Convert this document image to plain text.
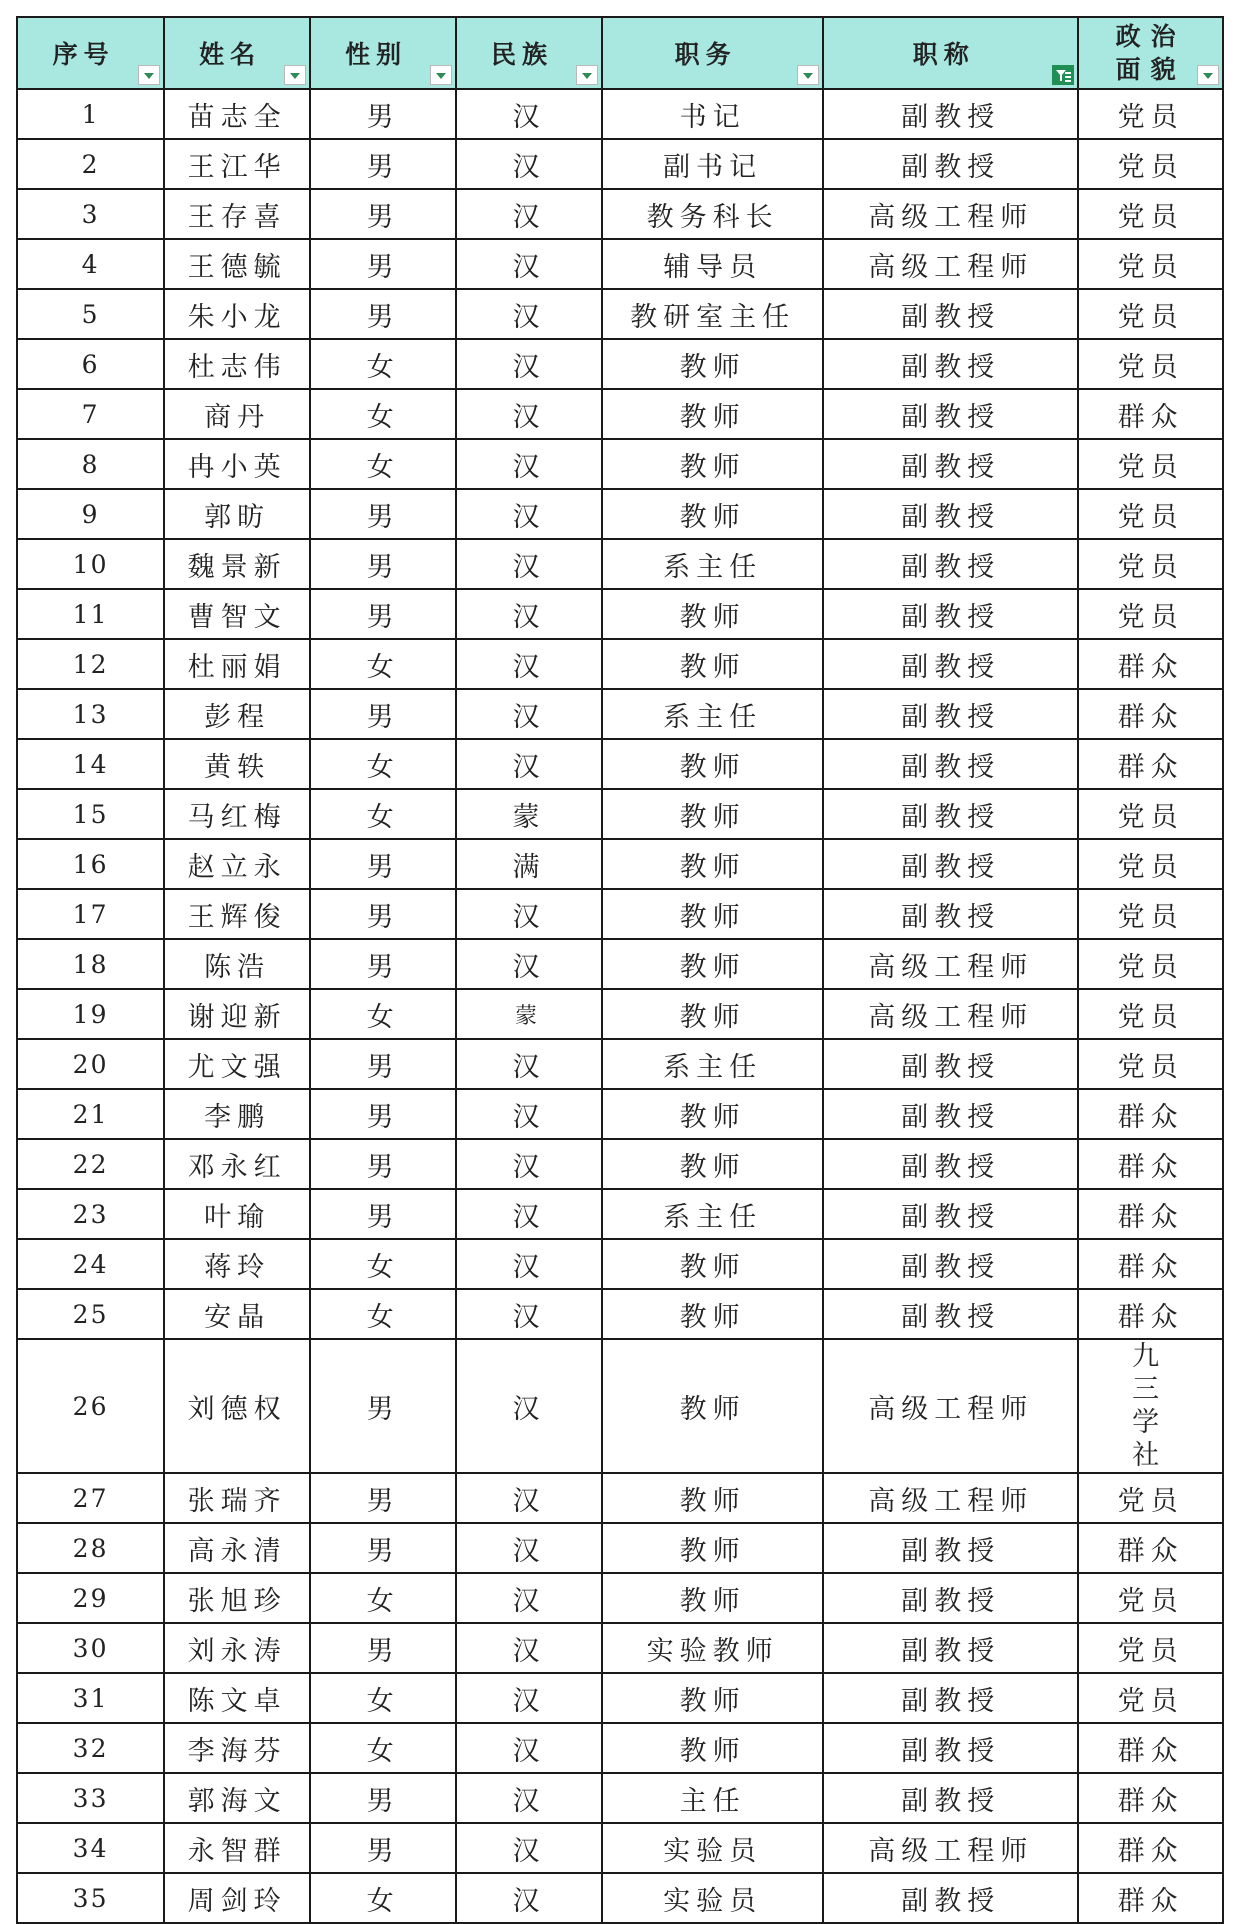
序号	姓名	性别	民族	职务	职称	政治面貌

1	苗志全	男	汉	书记	副教授	党员
2	王江华	男	汉	副书记	副教授	党员
3	王存喜	男	汉	教务科长	高级工程师	党员
4	王德毓	男	汉	辅导员	高级工程师	党员
5	朱小龙	男	汉	教研室主任	副教授	党员
6	杜志伟	女	汉	教师	副教授	党员
7	商丹	女	汉	教师	副教授	群众
8	冉小英	女	汉	教师	副教授	党员
9	郭昉	男	汉	教师	副教授	党员
10	魏景新	男	汉	系主任	副教授	党员
11	曹智文	男	汉	教师	副教授	党员
12	杜丽娟	女	汉	教师	副教授	群众
13	彭程	男	汉	系主任	副教授	群众
14	黄轶	女	汉	教师	副教授	群众
15	马红梅	女	蒙	教师	副教授	党员
16	赵立永	男	满	教师	副教授	党员
17	王辉俊	男	汉	教师	副教授	党员
18	陈浩	男	汉	教师	高级工程师	党员
19	谢迎新	女	蒙	教师	高级工程师	党员
20	尤文强	男	汉	系主任	副教授	党员
21	李鹏	男	汉	教师	副教授	群众
22	邓永红	男	汉	教师	副教授	群众
23	叶瑜	男	汉	系主任	副教授	群众
24	蒋玲	女	汉	教师	副教授	群众
25	安晶	女	汉	教师	副教授	群众
26	刘德权	男	汉	教师	高级工程师	九三学社
27	张瑞齐	男	汉	教师	高级工程师	党员
28	高永清	男	汉	教师	副教授	群众
29	张旭珍	女	汉	教师	副教授	党员
30	刘永涛	男	汉	实验教师	副教授	党员
31	陈文卓	女	汉	教师	副教授	党员
32	李海芬	女	汉	教师	副教授	群众
33	郭海文	男	汉	主任	副教授	群众
34	永智群	男	汉	实验员	高级工程师	群众
35	周剑玲	女	汉	实验员	副教授	群众
